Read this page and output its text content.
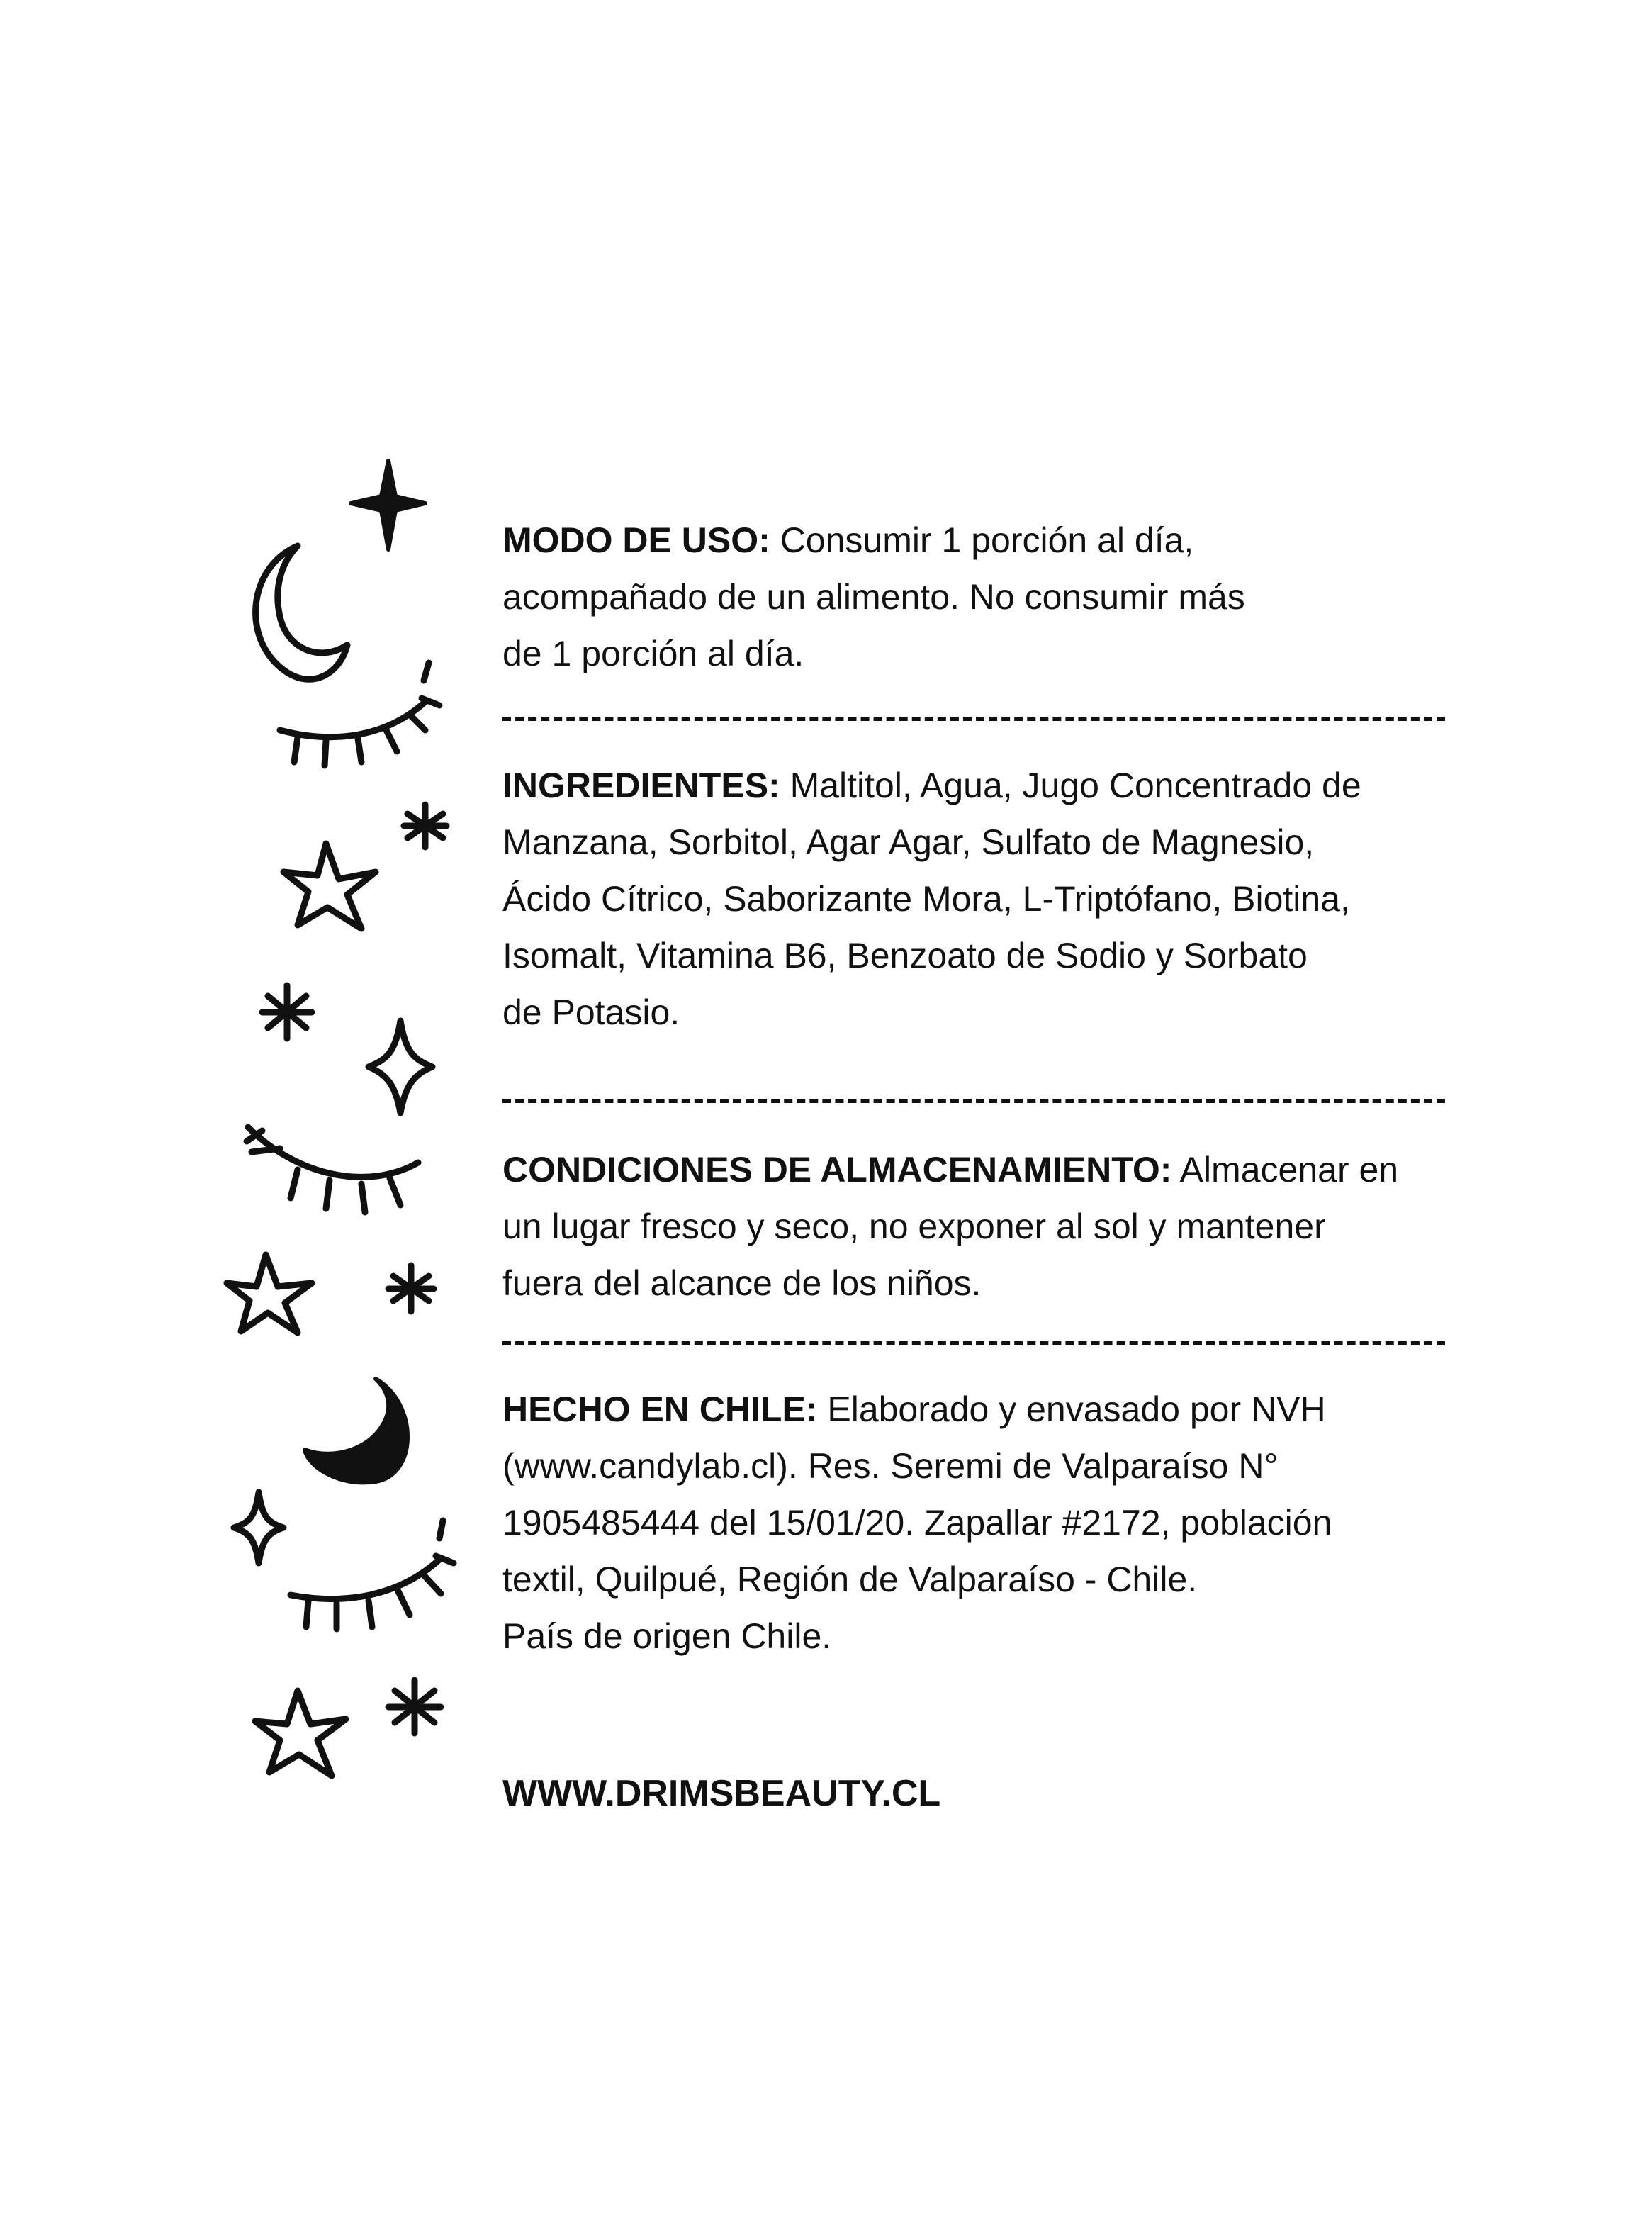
MODO DE USO: Consumir 1 porción al día,

acompañado de un alimento. No consumir más

de 1 porción al día.

INGREDIENTES: Maltitol, Agua, Jugo Concentrado de

Manzana, Sorbitol, Agar Agar, Sulfato de Magnesio,

Ácido Cítrico, Saborizante Mora, L-Triptófano, Biotina,

Isomalt, Vitamina B6, Benzoato de Sodio y Sorbato

de Potasio.

CONDICIONES DE ALMACENAMIENTO: Almacenar en

un lugar fresco y seco, no exponer al sol y mantener

fuera del alcance de los niños.

HECHO EN CHILE: Elaborado y envasado por NVH

(www.candylab.cl). Res. Seremi de Valparaíso N°

1905485444 del 15/01/20. Zapallar #2172, población

textil, Quilpué, Región de Valparaíso - Chile.

País de origen Chile.

WWW.DRIMSBEAUTY.CL
